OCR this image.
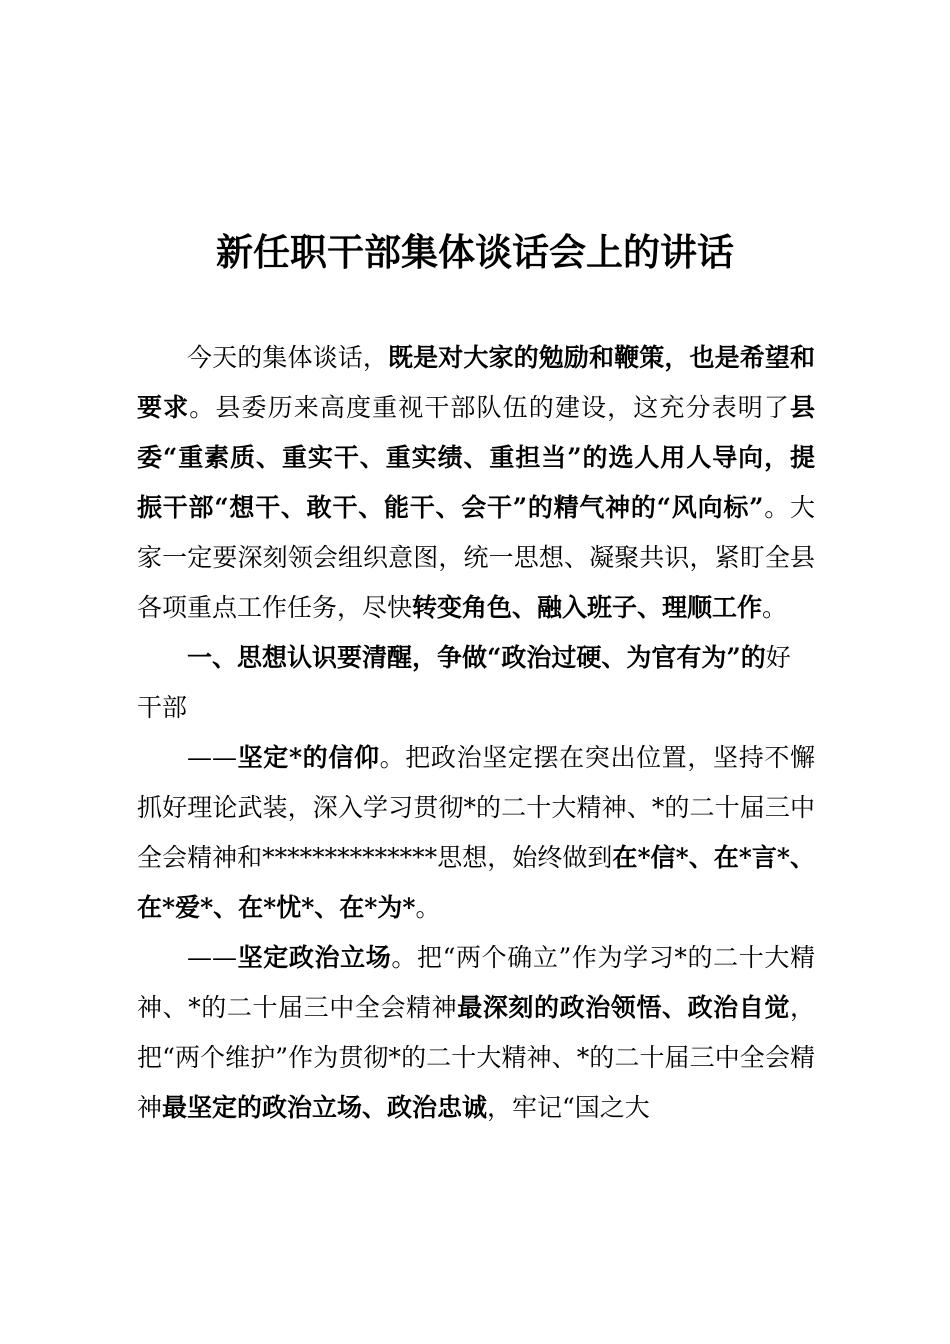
新任职干部集体谈话会上的讲话

今天的集体谈话，既是对大家的勉励和鞭策，也是希望和要求。县委历来高度重视干部队伍的建设，这充分表明了县委“重素质、重实干、重实绩、重担当”的选人用人导向，提振干部“想干、敢干、能干、会干”的精气神的“风向标”。大家一定要深刻领会组织意图，统一思想、凝聚共识，紧盯全县各项重点工作任务，尽快转变角色、融入班子、理顺工作。

一、思想认识要清醒，争做“政治过硬、为官有为”的好干部

——坚定*的信仰。把政治坚定摆在突出位置，坚持不懈抓好理论武装，深入学习贯彻*的二十大精神、*的二十届三中全会精神和**************思想，始终做到在*信*、在*言*、在*爱*、在*忧*、在*为*。

——坚定政治立场。把“两个确立”作为学习*的二十大精神、*的二十届三中全会精神最深刻的政治领悟、政治自觉，把“两个维护”作为贯彻*的二十大精神、*的二十届三中全会精神最坚定的政治立场、政治忠诚，牢记“国之大
